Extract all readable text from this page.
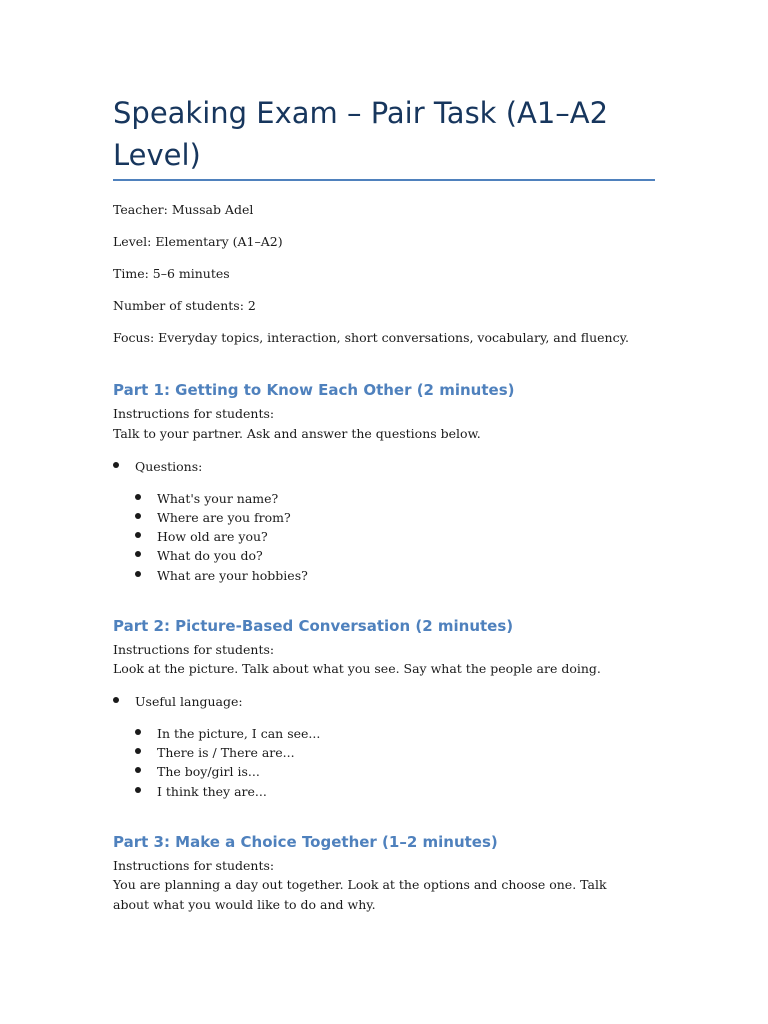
Speaking Exam – Pair Task (A1–A2 Level)
Teacher: Mussab Adel
Level: Elementary (A1–A2)
Time: 5–6 minutes
Number of students: 2
Focus: Everyday topics, interaction, short conversations, vocabulary, and fluency.
Part 1: Getting to Know Each Other (2 minutes)
Instructions for students:
Talk to your partner. Ask and answer the questions below.
Questions:
What's your name?
Where are you from?
How old are you?
What do you do?
What are your hobbies?
Part 2: Picture-Based Conversation (2 minutes)
Instructions for students:
Look at the picture. Talk about what you see. Say what the people are doing.
Useful language:
In the picture, I can see...
There is / There are...
The boy/girl is...
I think they are...
Part 3: Make a Choice Together (1–2 minutes)
Instructions for students:
You are planning a day out together. Look at the options and choose one. Talk about what you would like to do and why.
